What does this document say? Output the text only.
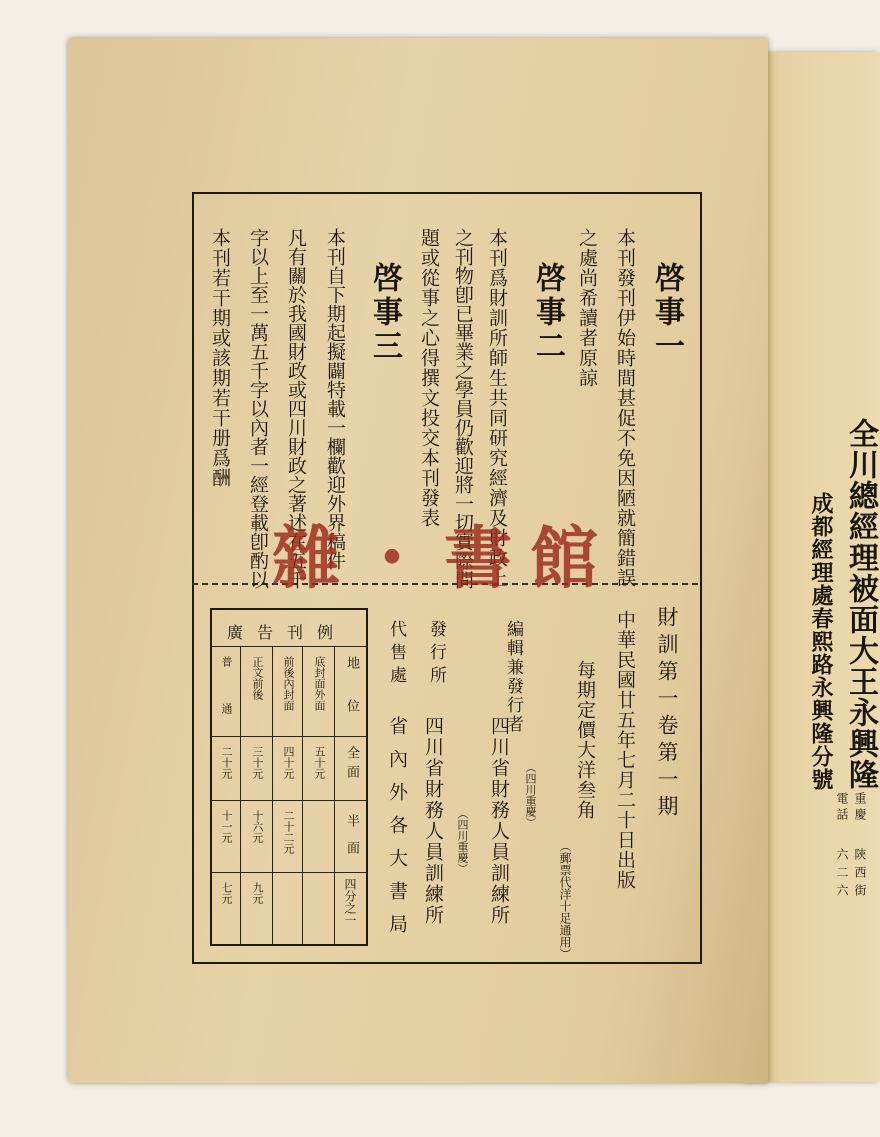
啓事一
本刊發刊伊始時間甚促不免因陋就簡錯誤
之處尚希讀者原諒
啓事二
本刊爲財訓所師生共同研究經濟及財政上
之刊物卽已畢業之學員仍歡迎將一切實際問
題或從事之心得撰文投交本刊發表
啓事三
本刊自下期起擬闢特載一欄歡迎外界稿件
凡有關於我國財政或四川財政之著述在五千
字以上至一萬五千字以內者一經登載卽酌以
本刊若干期或該期若干册爲酬
財訓第一卷第一期
中華民國廿五年七月二十日出版
每期定價大洋叁角
（郵票代洋十足通用）
編輯兼發行者
（四川重慶）
四川省財務人員訓練所
發行所
（四川重慶）
四川省財務人員訓練所
代售處
省內外各大書局
廣告刊例
地位
全面
半面
四分之一
底封面外面
五十元
前後內封面
四十元
二十二元
正文前後
三十元
十六元
九元
普通
二十元
十一元
七元
全川總經理被面大王永興隆
成都經理處春熙路永興隆分號
重慶
電話
陝西街
六二六
雜・書館
